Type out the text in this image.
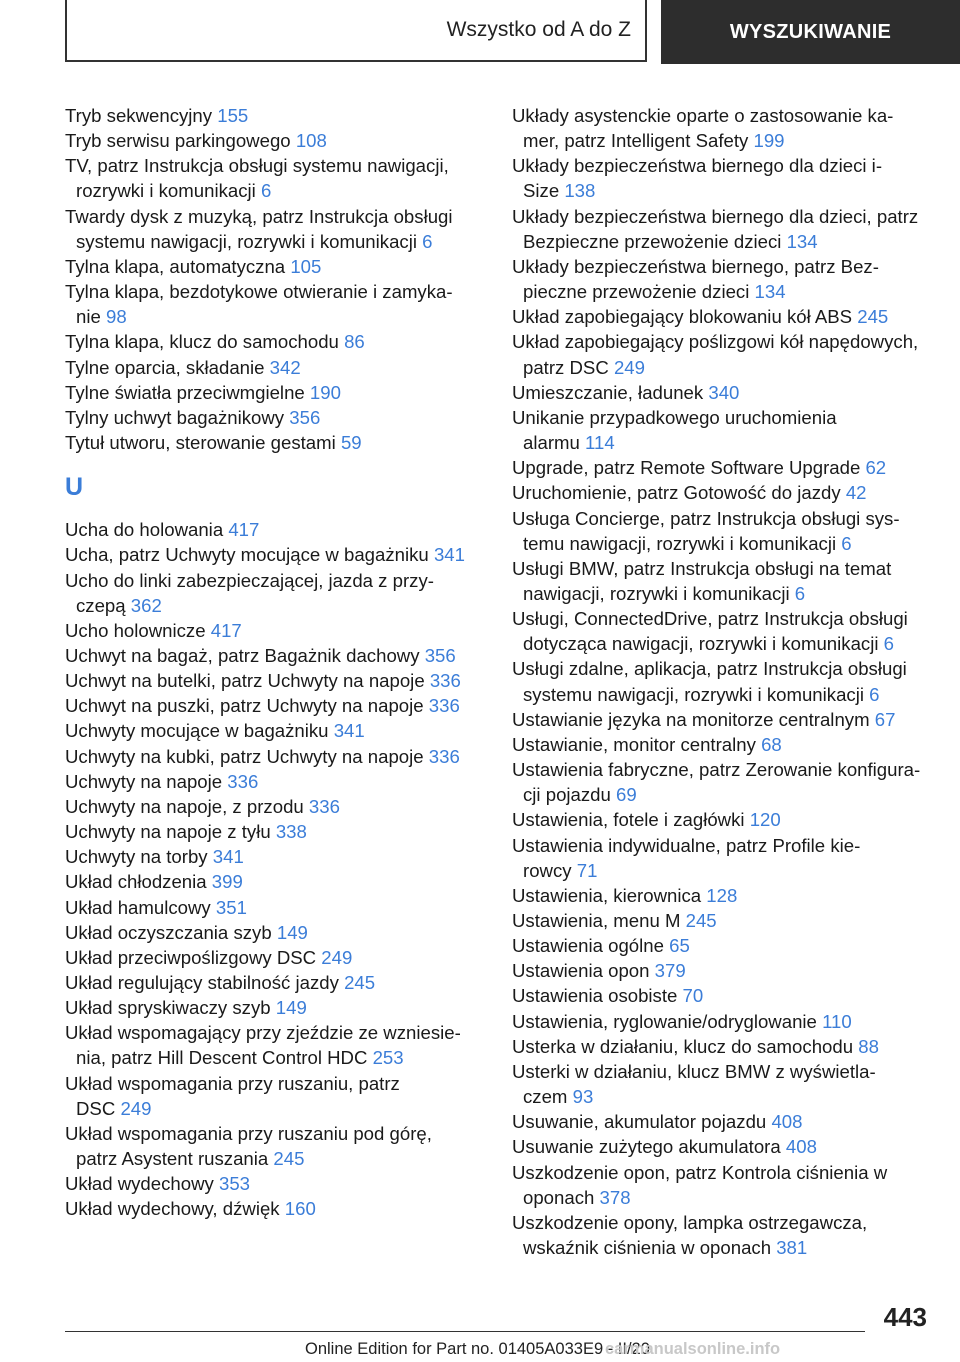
Wszystko od A do Z	WYSZUKIWANIE
Tryb sekwencyjny 155
Tryb serwisu parkingowego 108
TV, patrz Instrukcja obsługi systemu nawigacji,
rozrywki i komunikacji 6
Twardy dysk z muzyką, patrz Instrukcja obsługi
systemu nawigacji, rozrywki i komunikacji 6
Tylna klapa, automatyczna 105
Tylna klapa, bezdotykowe otwieranie i zamyka-
nie 98
Tylna klapa, klucz do samochodu 86
Tylne oparcia, składanie 342
Tylne światła przeciwmgielne 190
Tylny uchwyt bagażnikowy 356
Tytuł utworu, sterowanie gestami 59
U
Ucha do holowania 417
Ucha, patrz Uchwyty mocujące w bagażniku 341
Ucho do linki zabezpieczającej, jazda z przy-
czepą 362
Ucho holownicze 417
Uchwyt na bagaż, patrz Bagażnik dachowy 356
Uchwyt na butelki, patrz Uchwyty na napoje 336
Uchwyt na puszki, patrz Uchwyty na napoje 336
Uchwyty mocujące w bagażniku 341
Uchwyty na kubki, patrz Uchwyty na napoje 336
Uchwyty na napoje 336
Uchwyty na napoje, z przodu 336
Uchwyty na napoje z tyłu 338
Uchwyty na torby 341
Układ chłodzenia 399
Układ hamulcowy 351
Układ oczyszczania szyb 149
Układ przeciwpoślizgowy DSC 249
Układ regulujący stabilność jazdy 245
Układ spryskiwaczy szyb 149
Układ wspomagający przy zjeździe ze wzniesie-
nia, patrz Hill Descent Control HDC 253
Układ wspomagania przy ruszaniu, patrz
DSC 249
Układ wspomagania przy ruszaniu pod górę,
patrz Asystent ruszania 245
Układ wydechowy 353
Układ wydechowy, dźwięk 160
Układy asystenckie oparte o zastosowanie ka-
mer, patrz Intelligent Safety 199
Układy bezpieczeństwa biernego dla dzieci i-
Size 138
Układy bezpieczeństwa biernego dla dzieci, patrz
Bezpieczne przewożenie dzieci 134
Układy bezpieczeństwa biernego, patrz Bez-
pieczne przewożenie dzieci 134
Układ zapobiegający blokowaniu kół ABS 245
Układ zapobiegający poślizgowi kół napędowych,
patrz DSC 249
Umieszczanie, ładunek 340
Unikanie przypadkowego uruchomienia
alarmu 114
Upgrade, patrz Remote Software Upgrade 62
Uruchomienie, patrz Gotowość do jazdy 42
Usługa Concierge, patrz Instrukcja obsługi sys-
temu nawigacji, rozrywki i komunikacji 6
Usługi BMW, patrz Instrukcja obsługi na temat
nawigacji, rozrywki i komunikacji 6
Usługi, ConnectedDrive, patrz Instrukcja obsługi
dotycząca nawigacji, rozrywki i komunikacji 6
Usługi zdalne, aplikacja, patrz Instrukcja obsługi
systemu nawigacji, rozrywki i komunikacji 6
Ustawianie języka na monitorze centralnym 67
Ustawianie, monitor centralny 68
Ustawienia fabryczne, patrz Zerowanie konfigura-
cji pojazdu 69
Ustawienia, fotele i zagłówki 120
Ustawienia indywidualne, patrz Profile kie-
rowcy 71
Ustawienia, kierownica 128
Ustawienia, menu M 245
Ustawienia ogólne 65
Ustawienia opon 379
Ustawienia osobiste 70
Ustawienia, ryglowanie/odryglowanie 110
Usterka w działaniu, klucz do samochodu 88
Usterki w działaniu, klucz BMW z wyświetla-
czem 93
Usuwanie, akumulator pojazdu 408
Usuwanie zużytego akumulatora 408
Uszkodzenie opon, patrz Kontrola ciśnienia w
oponach 378
Uszkodzenie opony, lampka ostrzegawcza,
wskaźnik ciśnienia w oponach 381
443
Online Edition for Part no. 01405A033E9 - II/20
carmanualsonline.info
